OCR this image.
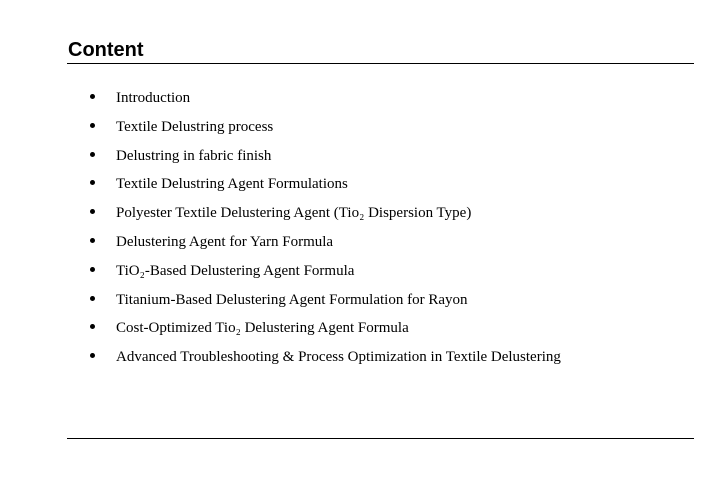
Content
Introduction
Textile Delustring process
Delustring in fabric finish
Textile Delustring Agent Formulations
Polyester Textile Delustering Agent (Tio₂ Dispersion Type)
Delustering Agent for Yarn Formula
TiO₂-Based Delustering Agent Formula
Titanium-Based Delustering Agent Formulation for Rayon
Cost-Optimized Tio₂ Delustering Agent Formula
Advanced Troubleshooting & Process Optimization in Textile Delustering
